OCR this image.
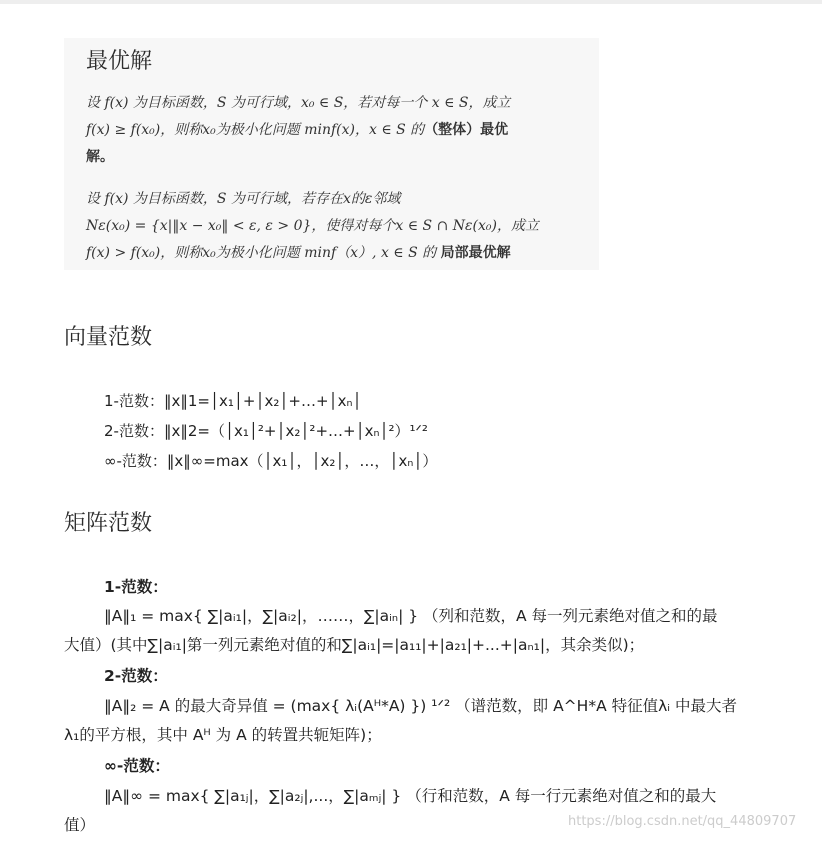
最优解
设 f(x) 为目标函数，S 为可行域，x₀ ∈ S，若对每一个 x ∈ S，成立
f(x) ≥ f(x₀)，则称x₀为极小化问题 minf(x)，x ∈ S 的（整体）最优
解。
设 f(x) 为目标函数，S 为可行域，若存在x的ε邻域
Nε(x₀) = {x|‖x − x₀‖ < ε, ε > 0}，使得对每个x ∈ S ∩ Nε(x₀)，成立
f(x) > f(x₀)，则称x₀为极小化问题 minf（x）, x ∈ S 的 局部最优解
向量范数
1-范数：‖x‖1=│x₁│+│x₂│+…+│xₙ│
2-范数：‖x‖2=（│x₁│²+│x₂│²+…+│xₙ│²）¹ᐟ²
∞-范数：‖x‖∞=max（│x₁│，│x₂│，…，│xₙ│）
矩阵范数
1-范数：
‖A‖₁ = max{ ∑|aᵢ₁|，∑|aᵢ₂|，……，∑|aᵢₙ| } （列和范数，A 每一列元素绝对值之和的最
大值）(其中∑|aᵢ₁|第一列元素绝对值的和∑|aᵢ₁|=|a₁₁|+|a₂₁|+...+|aₙ₁|，其余类似)；
2-范数：
‖A‖₂ = A 的最大奇异值 = (max{ λᵢ(Aᴴ*A) }) ¹ᐟ² （谱范数，即 A^H*A 特征值λᵢ 中最大者
λ₁的平方根，其中 Aᴴ 为 A 的转置共轭矩阵)；
∞-范数：
‖A‖∞ = max{ ∑|a₁ⱼ|，∑|a₂ⱼ|,...，∑|aₘⱼ| } （行和范数，A 每一行元素绝对值之和的最大
值）	https://blog.csdn.net/qq_44809707
